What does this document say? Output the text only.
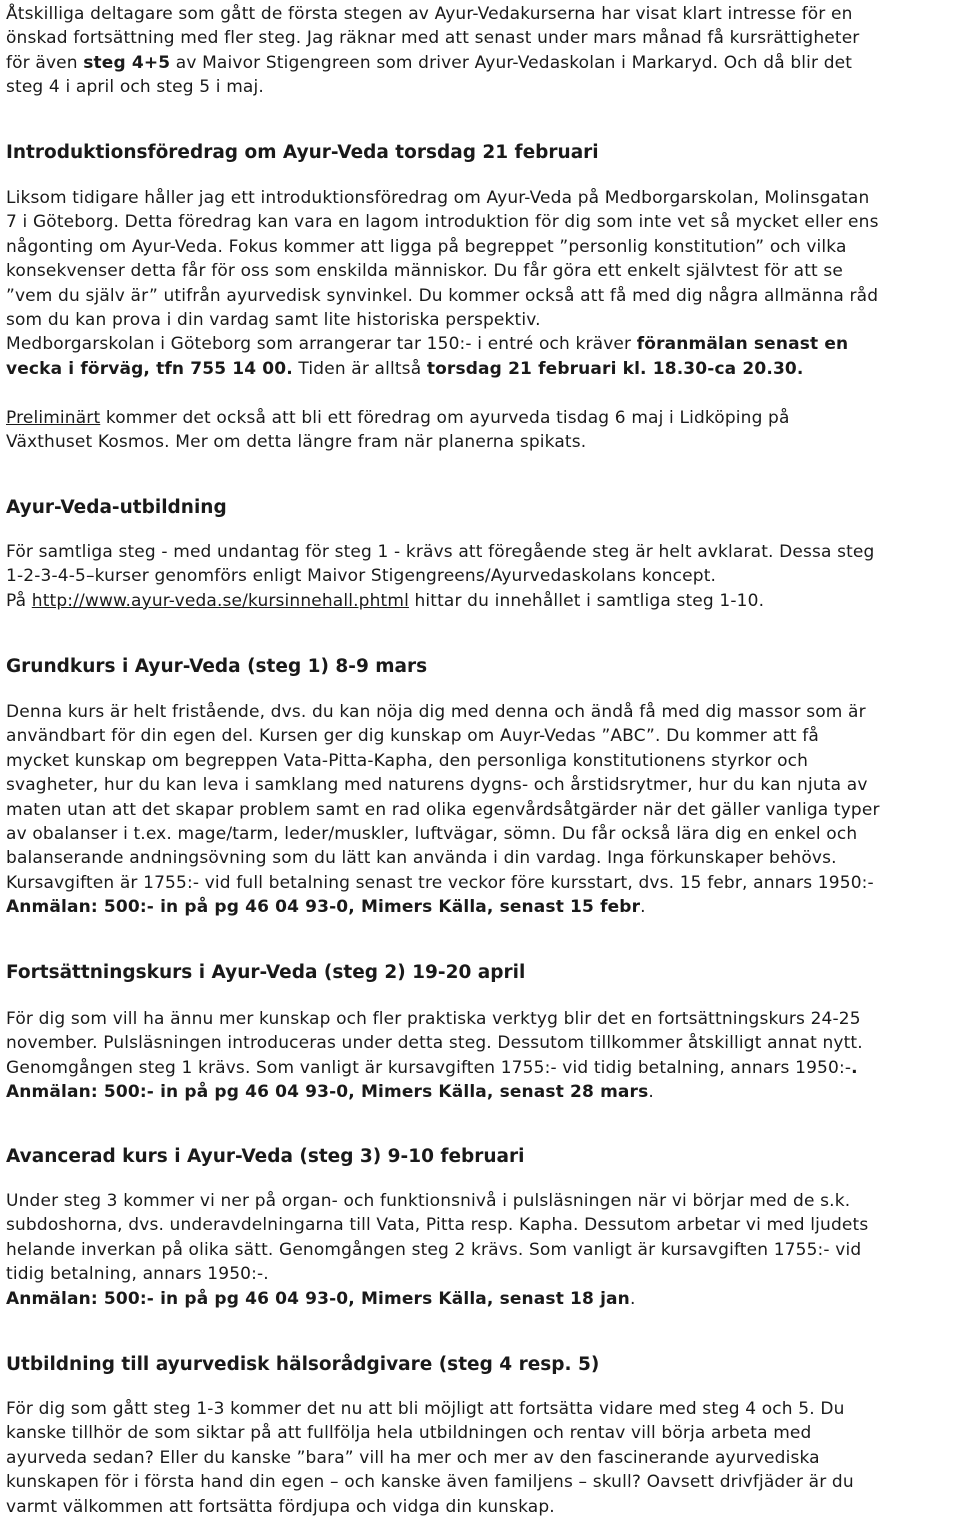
Åtskilliga deltagare som gått de första stegen av Ayur-Vedakurserna har visat klart intresse för en
önskad fortsättning med fler steg. Jag räknar med att senast under mars månad få kursrättigheter
för även steg 4+5 av Maivor Stigengreen som driver Ayur-Vedaskolan i Markaryd. Och då blir det
steg 4 i april och steg 5 i maj.
Introduktionsföredrag om Ayur-Veda torsdag 21 februari
Liksom tidigare håller jag ett introduktionsföredrag om Ayur-Veda på Medborgarskolan, Molinsgatan
7 i Göteborg. Detta föredrag kan vara en lagom introduktion för dig som inte vet så mycket eller ens
någonting om Ayur-Veda. Fokus kommer att ligga på begreppet ”personlig konstitution” och vilka
konsekvenser detta får för oss som enskilda människor. Du får göra ett enkelt självtest för att se
”vem du själv är” utifrån ayurvedisk synvinkel. Du kommer också att få med dig några allmänna råd
som du kan prova i din vardag samt lite historiska perspektiv.
Medborgarskolan i Göteborg som arrangerar tar 150:- i entré och kräver föranmälan senast en
vecka i förväg, tfn 755 14 00. Tiden är alltså torsdag 21 februari kl. 18.30-ca 20.30.
Preliminärt kommer det också att bli ett föredrag om ayurveda tisdag 6 maj i Lidköping på
Växthuset Kosmos. Mer om detta längre fram när planerna spikats.
Ayur-Veda-utbildning
För samtliga steg - med undantag för steg 1 - krävs att föregående steg är helt avklarat. Dessa steg
1-2-3-4-5–kurser genomförs enligt Maivor Stigengreens/Ayurvedaskolans koncept.
På http://www.ayur-veda.se/kursinnehall.phtml hittar du innehållet i samtliga steg 1-10.
Grundkurs i Ayur-Veda (steg 1) 8-9 mars
Denna kurs är helt fristående, dvs. du kan nöja dig med denna och ändå få med dig massor som är
användbart för din egen del. Kursen ger dig kunskap om Auyr-Vedas ”ABC”. Du kommer att få
mycket kunskap om begreppen Vata-Pitta-Kapha, den personliga konstitutionens styrkor och
svagheter, hur du kan leva i samklang med naturens dygns- och årstidsrytmer, hur du kan njuta av
maten utan att det skapar problem samt en rad olika egenvårdsåtgärder när det gäller vanliga typer
av obalanser i t.ex. mage/tarm, leder/muskler, luftvägar, sömn. Du får också lära dig en enkel och
balanserande andningsövning som du lätt kan använda i din vardag. Inga förkunskaper behövs.
Kursavgiften är 1755:- vid full betalning senast tre veckor före kursstart, dvs. 15 febr, annars 1950:-
Anmälan: 500:- in på pg 46 04 93-0, Mimers Källa, senast 15 febr.
Fortsättningskurs i Ayur-Veda (steg 2) 19-20 april
För dig som vill ha ännu mer kunskap och fler praktiska verktyg blir det en fortsättningskurs 24-25
november. Pulsläsningen introduceras under detta steg. Dessutom tillkommer åtskilligt annat nytt.
Genomgången steg 1 krävs. Som vanligt är kursavgiften 1755:- vid tidig betalning, annars 1950:-.
Anmälan: 500:- in på pg 46 04 93-0, Mimers Källa, senast 28 mars.
Avancerad kurs i Ayur-Veda (steg 3) 9-10 februari
Under steg 3 kommer vi ner på organ- och funktionsnivå i pulsläsningen när vi börjar med de s.k.
subdoshorna, dvs. underavdelningarna till Vata, Pitta resp. Kapha. Dessutom arbetar vi med ljudets
helande inverkan på olika sätt. Genomgången steg 2 krävs. Som vanligt är kursavgiften 1755:- vid
tidig betalning, annars 1950:-.
Anmälan: 500:- in på pg 46 04 93-0, Mimers Källa, senast 18 jan.
Utbildning till ayurvedisk hälsorådgivare (steg 4 resp. 5)
För dig som gått steg 1-3 kommer det nu att bli möjligt att fortsätta vidare med steg 4 och 5. Du
kanske tillhör de som siktar på att fullfölja hela utbildningen och rentav vill börja arbeta med
ayurveda sedan? Eller du kanske ”bara” vill ha mer och mer av den fascinerande ayurvediska
kunskapen för i första hand din egen – och kanske även familjens – skull? Oavsett drivfjäder är du
varmt välkommen att fortsätta fördjupa och vidga din kunskap.
